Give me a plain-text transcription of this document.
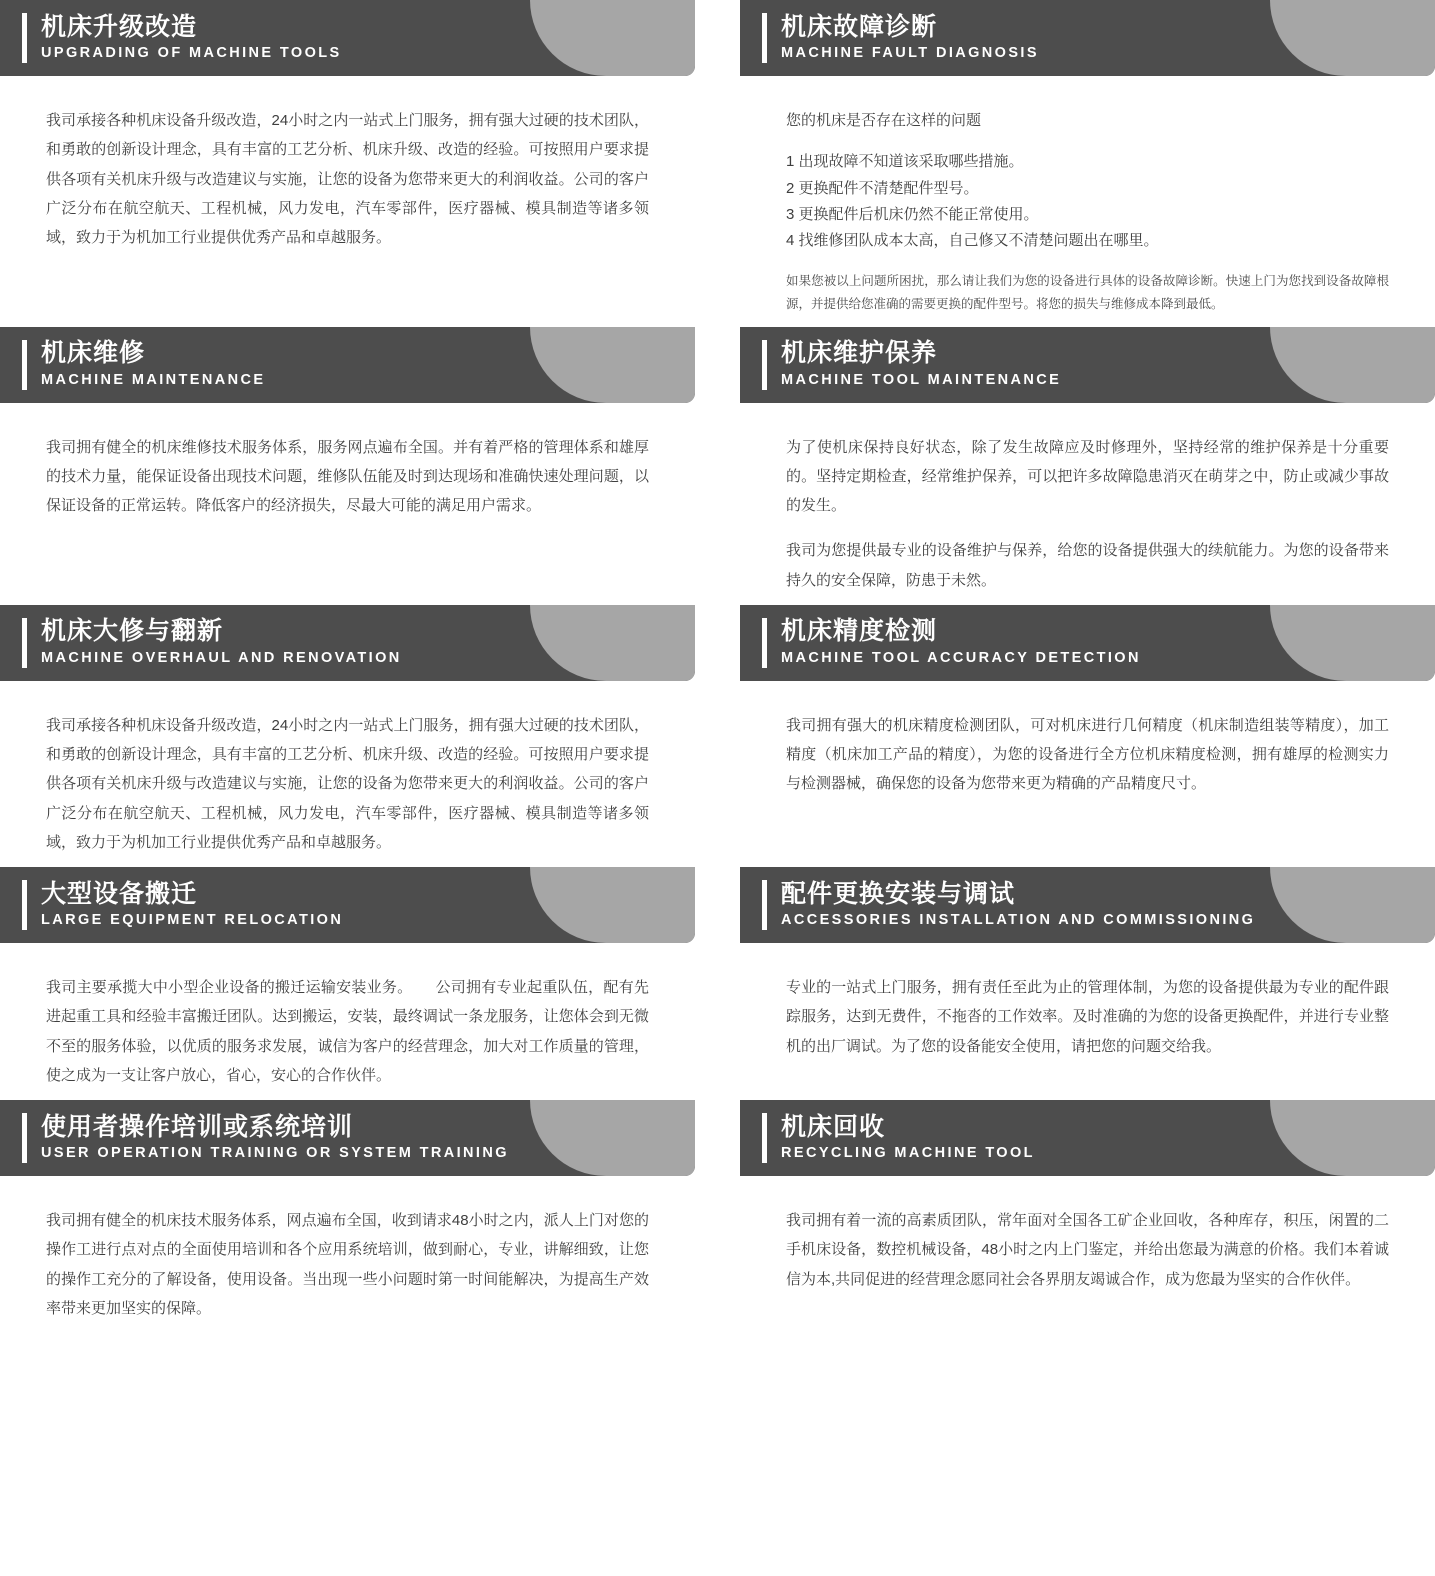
机床升级改造
UPGRADING OF MACHINE TOOLS

我司承接各种机床设备升级改造，24小时之内一站式上门服务，拥有强大过硬的技术团队，和勇敢的创新设计理念，具有丰富的工艺分析、机床升级、改造的经验。可按照用户要求提供各项有关机床升级与改造建议与实施，让您的设备为您带来更大的利润收益。公司的客户广泛分布在航空航天、工程机械，风力发电，汽车零部件，医疗器械、模具制造等诸多领域，致力于为机加工行业提供优秀产品和卓越服务。

机床故障诊断
MACHINE FAULT DIAGNOSIS

您的机床是否存在这样的问题

1 出现故障不知道该采取哪些措施。

2 更换配件不清楚配件型号。

3 更换配件后机床仍然不能正常使用。

4 找维修团队成本太高，自己修又不清楚问题出在哪里。

如果您被以上问题所困扰，那么请让我们为您的设备进行具体的设备故障诊断。快速上门为您找到设备故障根源，并提供给您准确的需要更换的配件型号。将您的损失与维修成本降到最低。

机床维修
MACHINE MAINTENANCE

我司拥有健全的机床维修技术服务体系，服务网点遍布全国。并有着严格的管理体系和雄厚的技术力量，能保证设备出现技术问题，维修队伍能及时到达现场和准确快速处理问题，以保证设备的正常运转。降低客户的经济损失，尽最大可能的满足用户需求。

机床维护保养
MACHINE TOOL MAINTENANCE

为了使机床保持良好状态，除了发生故障应及时修理外，坚持经常的维护保养是十分重要的。坚持定期检查，经常维护保养，可以把许多故障隐患消灭在萌芽之中，防止或减少事故的发生。

我司为您提供最专业的设备维护与保养，给您的设备提供强大的续航能力。为您的设备带来持久的安全保障，防患于未然。

机床大修与翻新
MACHINE OVERHAUL AND RENOVATION

我司承接各种机床设备升级改造，24小时之内一站式上门服务，拥有强大过硬的技术团队，和勇敢的创新设计理念，具有丰富的工艺分析、机床升级、改造的经验。可按照用户要求提供各项有关机床升级与改造建议与实施，让您的设备为您带来更大的利润收益。公司的客户广泛分布在航空航天、工程机械，风力发电，汽车零部件，医疗器械、模具制造等诸多领域，致力于为机加工行业提供优秀产品和卓越服务。

机床精度检测
MACHINE TOOL ACCURACY DETECTION

我司拥有强大的机床精度检测团队，可对机床进行几何精度（机床制造组装等精度），加工精度（机床加工产品的精度），为您的设备进行全方位机床精度检测，拥有雄厚的检测实力与检测器械，确保您的设备为您带来更为精确的产品精度尺寸。

大型设备搬迁
LARGE EQUIPMENT RELOCATION

我司主要承揽大中小型企业设备的搬迁运输安装业务。　　公司拥有专业起重队伍，配有先进起重工具和经验丰富搬迁团队。达到搬运，安装，最终调试一条龙服务，让您体会到无微不至的服务体验，以优质的服务求发展，诚信为客户的经营理念，加大对工作质量的管理，使之成为一支让客户放心，省心，安心的合作伙伴。

配件更换安装与调试
ACCESSORIES INSTALLATION AND COMMISSIONING

专业的一站式上门服务，拥有责任至此为止的管理体制，为您的设备提供最为专业的配件跟踪服务，达到无费件，不拖沓的工作效率。及时准确的为您的设备更换配件，并进行专业整机的出厂调试。为了您的设备能安全使用，请把您的问题交给我。

使用者操作培训或系统培训
USER OPERATION TRAINING OR SYSTEM TRAINING

我司拥有健全的机床技术服务体系，网点遍布全国，收到请求48小时之内，派人上门对您的操作工进行点对点的全面使用培训和各个应用系统培训，做到耐心，专业，讲解细致，让您的操作工充分的了解设备，使用设备。当出现一些小问题时第一时间能解决，为提高生产效率带来更加坚实的保障。

机床回收
RECYCLING MACHINE TOOL

我司拥有着一流的高素质团队，常年面对全国各工矿企业回收，各种库存，积压，闲置的二手机床设备，数控机械设备，48小时之内上门鉴定，并给出您最为满意的价格。我们本着诚信为本,共同促进的经营理念愿同社会各界朋友竭诚合作，成为您最为坚实的合作伙伴。
